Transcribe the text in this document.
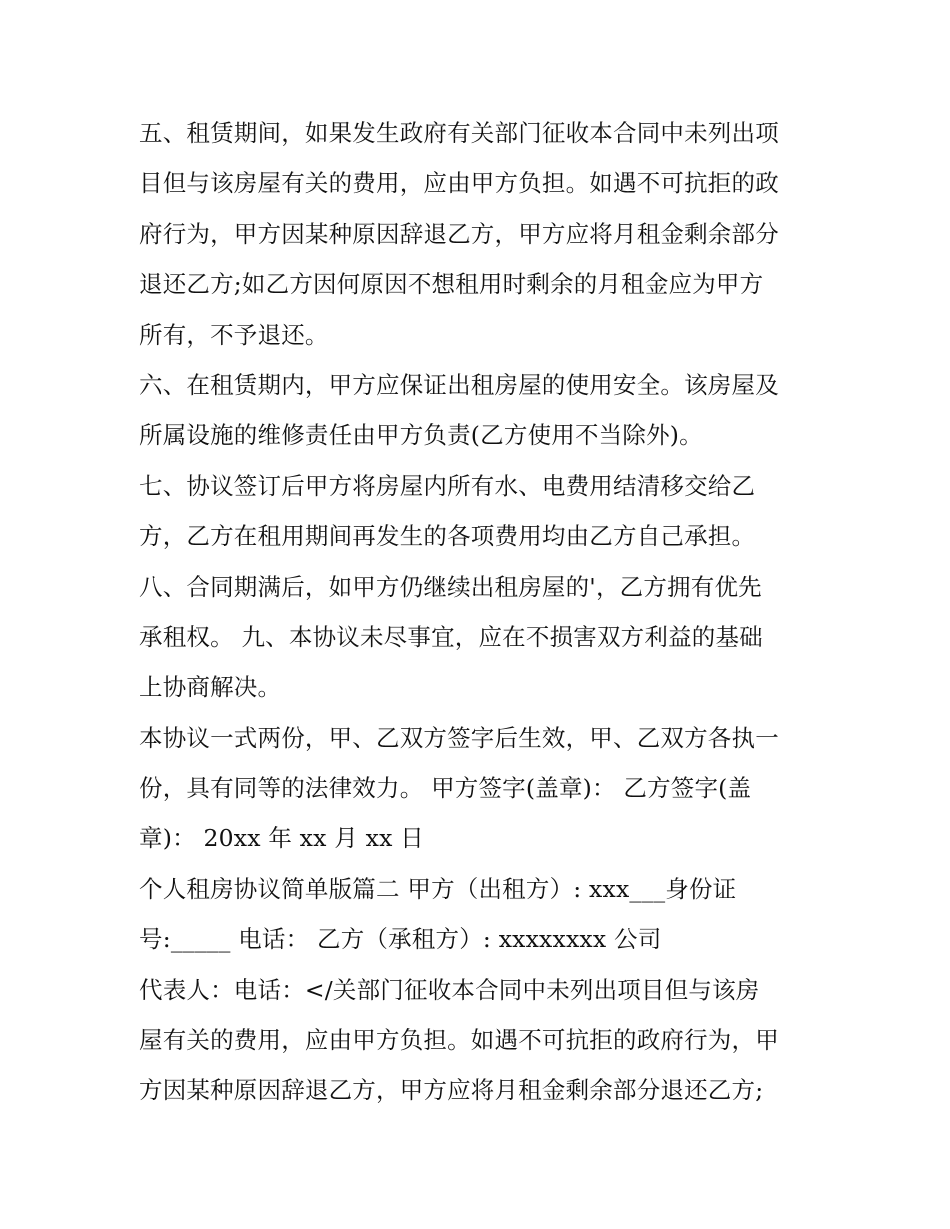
五、租赁期间，如果发生政府有关部门征收本合同中未列出项
目但与该房屋有关的费用，应由甲方负担。如遇不可抗拒的政
府行为，甲方因某种原因辞退乙方，甲方应将月租金剩余部分
退还乙方;如乙方因何原因不想租用时剩余的月租金应为甲方
所有，不予退还。
六、在租赁期内，甲方应保证出租房屋的使用安全。该房屋及
所属设施的维修责任由甲方负责(乙方使用不当除外)。
七、协议签订后甲方将房屋内所有水、电费用结清移交给乙
方，乙方在租用期间再发生的各项费用均由乙方自己承担。
八、合同期满后，如甲方仍继续出租房屋的'，乙方拥有优先
承租权。 九、本协议未尽事宜，应在不损害双方利益的基础
上协商解决。
本协议一式两份，甲、乙双方签字后生效，甲、乙双方各执一
份，具有同等的法律效力。 甲方签字(盖章)： 乙方签字(盖
章)： 20xx 年 xx 月 xx 日
个人租房协议简单版篇二 甲方（出租方）: xxx___身份证
号:_____ 电话： 乙方（承租方）: xxxxxxxx 公司
代表人：电话：</关部门征收本合同中未列出项目但与该房
屋有关的费用，应由甲方负担。如遇不可抗拒的政府行为，甲
方因某种原因辞退乙方，甲方应将月租金剩余部分退还乙方;
